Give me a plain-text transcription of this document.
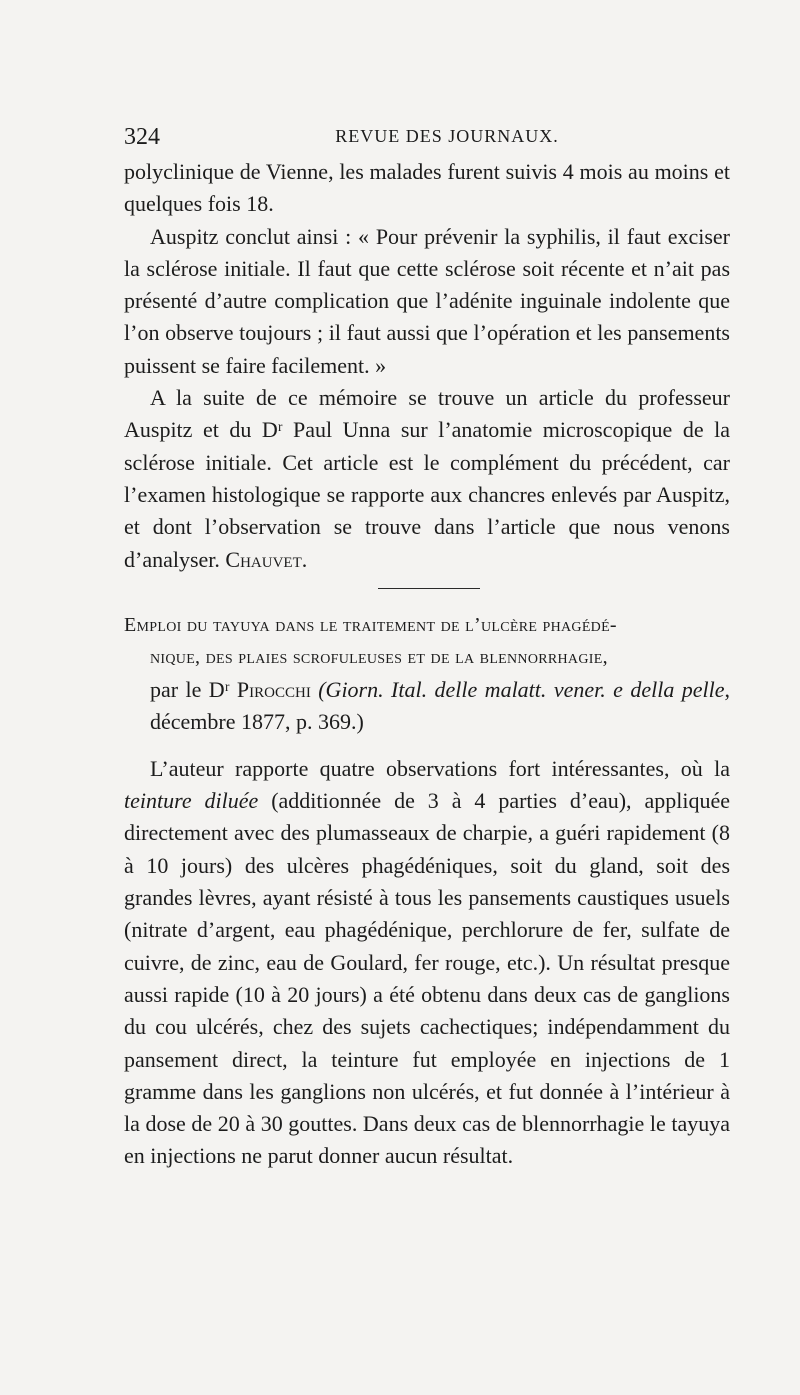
324	REVUE DES JOURNAUX.

polyclinique de Vienne, les malades furent suivis 4 mois au moins et quelques fois 18.

Auspitz conclut ainsi : « Pour prévenir la syphilis, il faut exciser la sclérose initiale. Il faut que cette sclérose soit récente et n’ait pas présenté d’autre complication que l’adénite inguinale indolente que l’on observe toujours ; il faut aussi que l’opération et les pansements puissent se faire facilement. »

A la suite de ce mémoire se trouve un article du professeur Auspitz et du Dʳ Paul Unna sur l’anatomie microscopique de la sclérose initiale. Cet article est le complément du précédent, car l’examen histologique se rapporte aux chancres enlevés par Auspitz, et dont l’observation se trouve dans l’article que nous venons d’analyser. Chauvet.

Emploi du tayuya dans le traitement de l’ulcère phagédé-
nique, des plaies scrofuleuses et de la blennorrhagie,
par le Dʳ Pirocchi (Giorn. Ital. delle malatt. vener. e della pelle, décembre 1877, p. 369.)

L’auteur rapporte quatre observations fort intéressantes, où la teinture diluée (additionnée de 3 à 4 parties d’eau), appliquée directement avec des plumasseaux de charpie, a guéri rapidement (8 à 10 jours) des ulcères phagédéniques, soit du gland, soit des grandes lèvres, ayant résisté à tous les pansements caustiques usuels (nitrate d’argent, eau phagédénique, perchlorure de fer, sulfate de cuivre, de zinc, eau de Goulard, fer rouge, etc.). Un résultat presque aussi rapide (10 à 20 jours) a été obtenu dans deux cas de ganglions du cou ulcérés, chez des sujets cachectiques; indépendamment du pansement direct, la teinture fut employée en injections de 1 gramme dans les ganglions non ulcérés, et fut donnée à l’intérieur à la dose de 20 à 30 gouttes. Dans deux cas de blennorrhagie le tayuya en injections ne parut donner aucun résultat.
